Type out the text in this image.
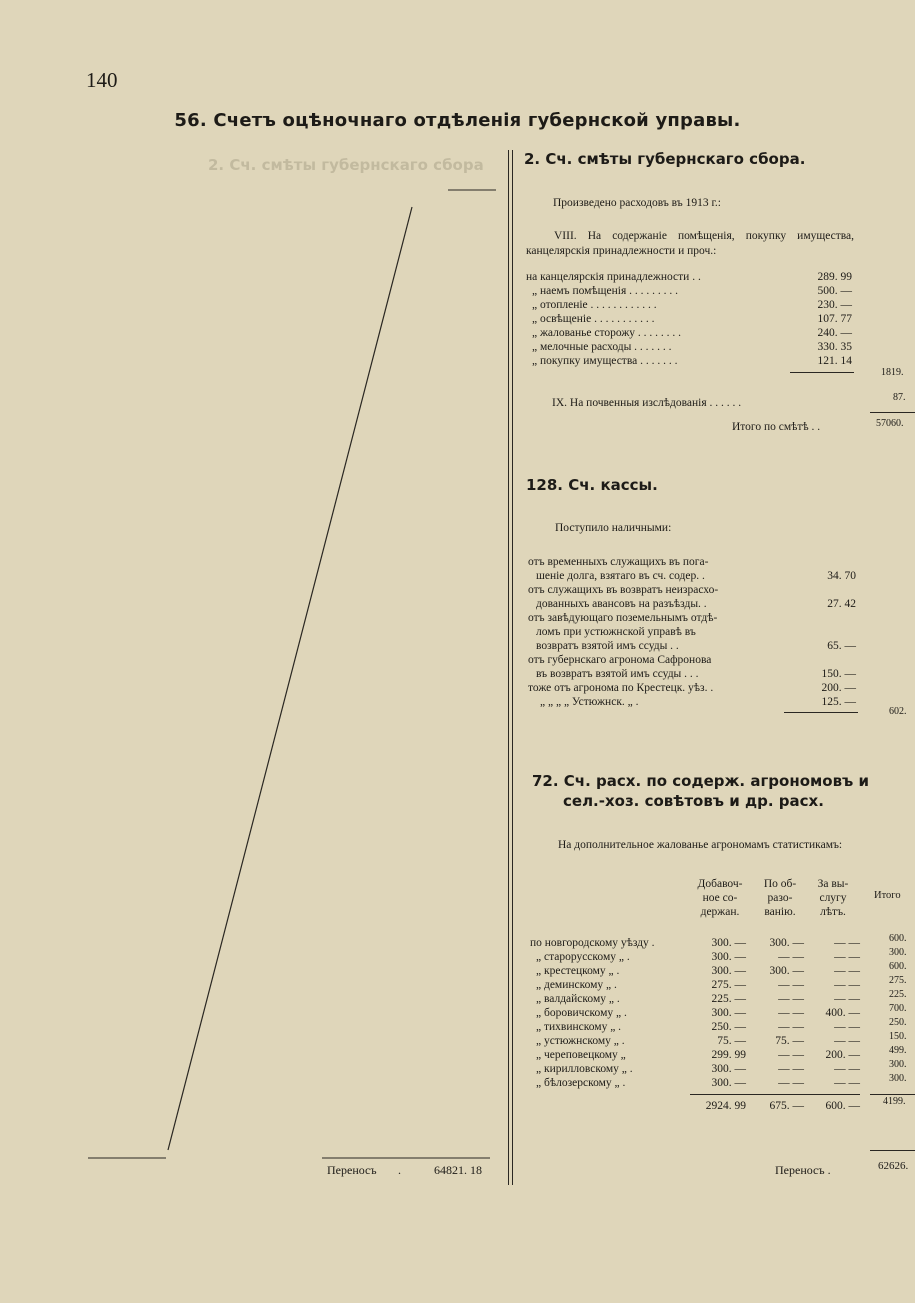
2. Сч. смѣты губернскаго сбора
140
56. Счетъ оцѣночнаго отдѣленія губернской управы.
Переносъ .	64821. 18
2. Сч. смѣты губернскаго сбора.
Произведено расходовъ въ 1913 г.:
VIII. На содержаніе помѣщенія, покупку имущества, канцелярскія принадлежности и проч.:
на канцелярскія принадлежности . .	289. 99
„ наемъ помѣщенія . . . . . . . . .	500. —
„ отопленіе . . . . . . . . . . . .	230. —
„ освѣщеніе . . . . . . . . . . .	107. 77
„ жалованье сторожу . . . . . . . .	240. —
„ мелочные расходы . . . . . . .	330. 35
„ покупку имущества . . . . . . .	121. 14
1819.
IX. На почвенныя изслѣдованія . . . . . .	87.
Итого по смѣтѣ . .	57060.
128. Сч. кассы.
Поступило наличными:
отъ временныхъ служащихъ въ пога-
шеніе долга, взятаго въ сч. содер. .	34. 70
отъ служащихъ въ возвратъ неизрасхо-
дованныхъ авансовъ на разъѣзды. .	27. 42
отъ завѣдующаго поземельнымъ отдѣ-
ломъ при устюжнской управѣ въ
возвратъ взятой имъ ссуды . .	65. —
отъ губернскаго агронома Сафронова
въ возвратъ взятой имъ ссуды . . .	150. —
тоже отъ агронома по Крестецк. уѣз. .	200. —
„ „ „ „ Устюжнск. „ .	125. —
602.
72. Сч. расх. по содерж. агрономовъ и
сел.-хоз. совѣтовъ и др. расх.
На дополнительное жалованье агрономамъ статистикамъ:
Добавоч-ное со-держан.
По об-разо-ванію.
За вы-слугу лѣтъ.
Итого
по новгородскому уѣзду .	300. —	300. —	— —	600.
„ старорусскому „ .	300. —	— —	— —	300.
„ крестецкому „ .	300. —	300. —	— —	600.
„ деминскому „ .	275. —	— —	— —	275.
„ валдайскому „ .	225. —	— —	— —	225.
„ боровичскому „ .	300. —	— —	400. —	700.
„ тихвинскому „ .	250. —	— —	— —	250.
„ устюжнскому „ .	75. —	75. —	— —	150.
„ череповецкому „	299. 99	— —	200. —	499.
„ кирилловскому „ .	300. —	— —	— —	300.
„ бѣлозерскому „ .	300. —	— —	— —	300.
2924. 99	675. —	600. — 4199.
Переносъ .	62626.
